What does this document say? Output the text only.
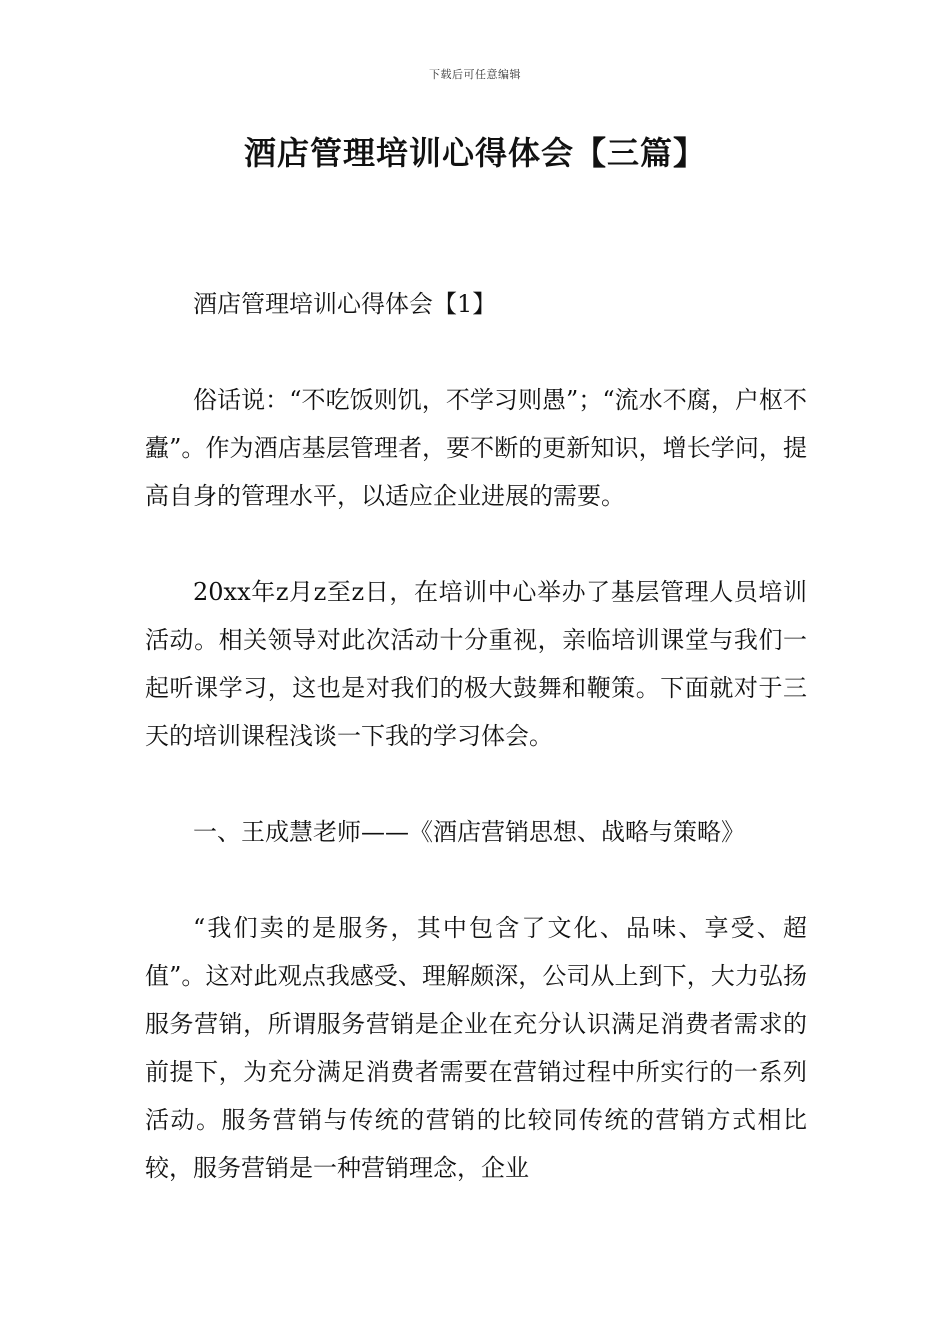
下载后可任意编辑
酒店管理培训心得体会【三篇】

酒店管理培训心得体会【1】

俗话说：“不吃饭则饥，不学习则愚”；“流水不腐，户枢不蠹”。作为酒店基层管理者，要不断的更新知识，增长学问，提高自身的管理水平，以适应企业进展的需要。

20xx年z月z至z日，在培训中心举办了基层管理人员培训活动。相关领导对此次活动十分重视，亲临培训课堂与我们一起听课学习，这也是对我们的极大鼓舞和鞭策。下面就对于三天的培训课程浅谈一下我的学习体会。

一、王成慧老师——《酒店营销思想、战略与策略》

“我们卖的是服务，其中包含了文化、品味、享受、超值”。这对此观点我感受、理解颇深，公司从上到下，大力弘扬服务营销，所谓服务营销是企业在充分认识满足消费者需求的前提下，为充分满足消费者需要在营销过程中所实行的一系列活动。服务营销与传统的营销的比较同传统的营销方式相比较，服务营销是一种营销理念，企业
